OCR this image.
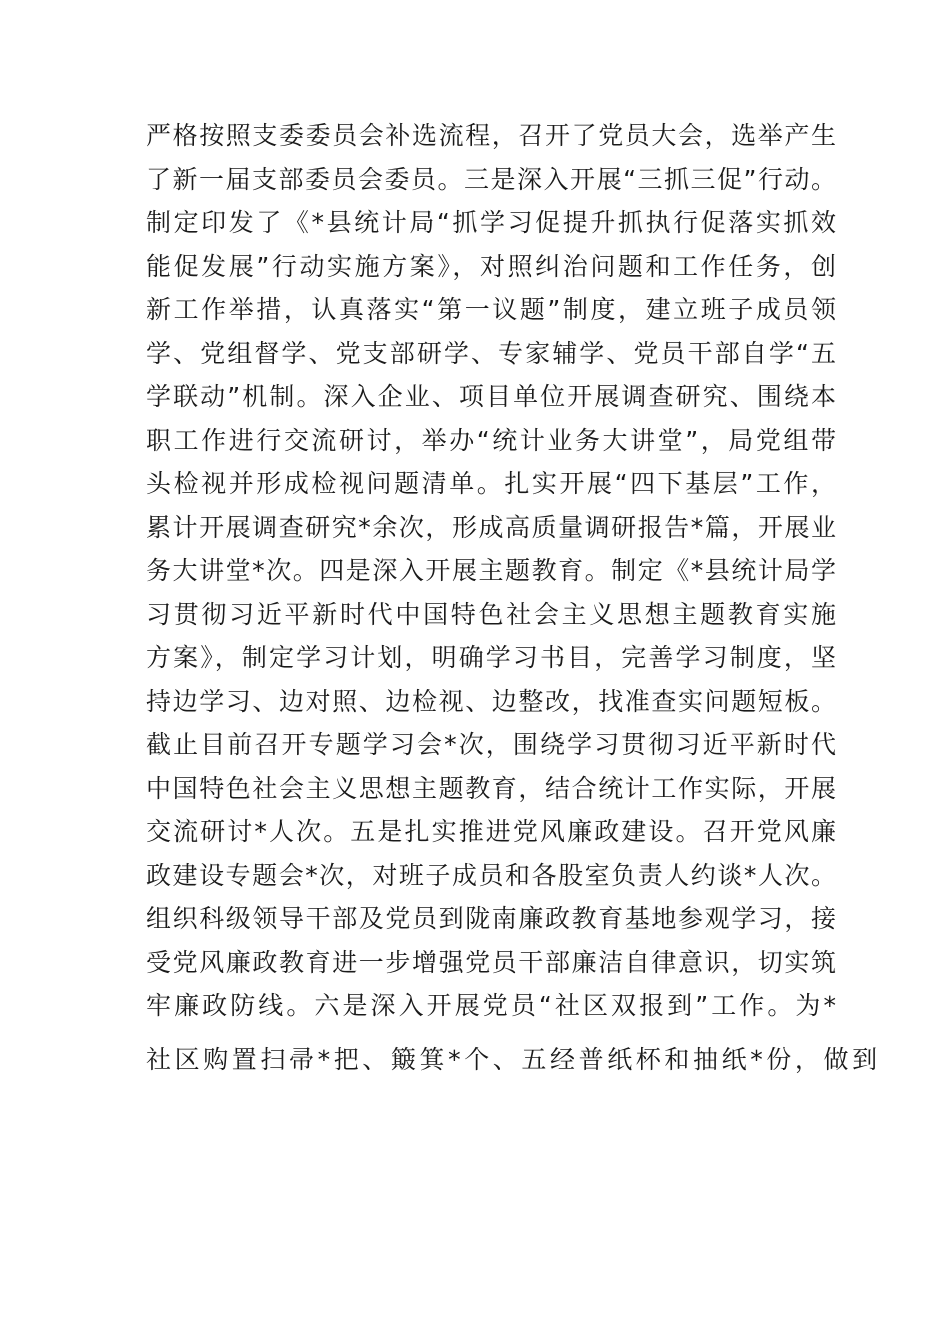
严格按照支委委员会补选流程，召开了党员大会，选举产生
了新一届支部委员会委员。三是深入开展“三抓三促”行动。
制定印发了《*县统计局“抓学习促提升抓执行促落实抓效
能促发展”行动实施方案》，对照纠治问题和工作任务，创
新工作举措，认真落实“第一议题”制度，建立班子成员领
学、党组督学、党支部研学、专家辅学、党员干部自学“五
学联动”机制。深入企业、项目单位开展调查研究、围绕本
职工作进行交流研讨，举办“统计业务大讲堂”，局党组带
头检视并形成检视问题清单。扎实开展“四下基层”工作，
累计开展调查研究*余次，形成高质量调研报告*篇，开展业
务大讲堂*次。四是深入开展主题教育。制定《*县统计局学
习贯彻习近平新时代中国特色社会主义思想主题教育实施
方案》，制定学习计划，明确学习书目，完善学习制度，坚
持边学习、边对照、边检视、边整改，找准查实问题短板。
截止目前召开专题学习会*次，围绕学习贯彻习近平新时代
中国特色社会主义思想主题教育，结合统计工作实际，开展
交流研讨*人次。五是扎实推进党风廉政建设。召开党风廉
政建设专题会*次，对班子成员和各股室负责人约谈*人次。
组织科级领导干部及党员到陇南廉政教育基地参观学习，接
受党风廉政教育进一步增强党员干部廉洁自律意识，切实筑
牢廉政防线。六是深入开展党员“社区双报到”工作。为*
社区购置扫帚*把、簸箕*个、五经普纸杯和抽纸*份，做到
